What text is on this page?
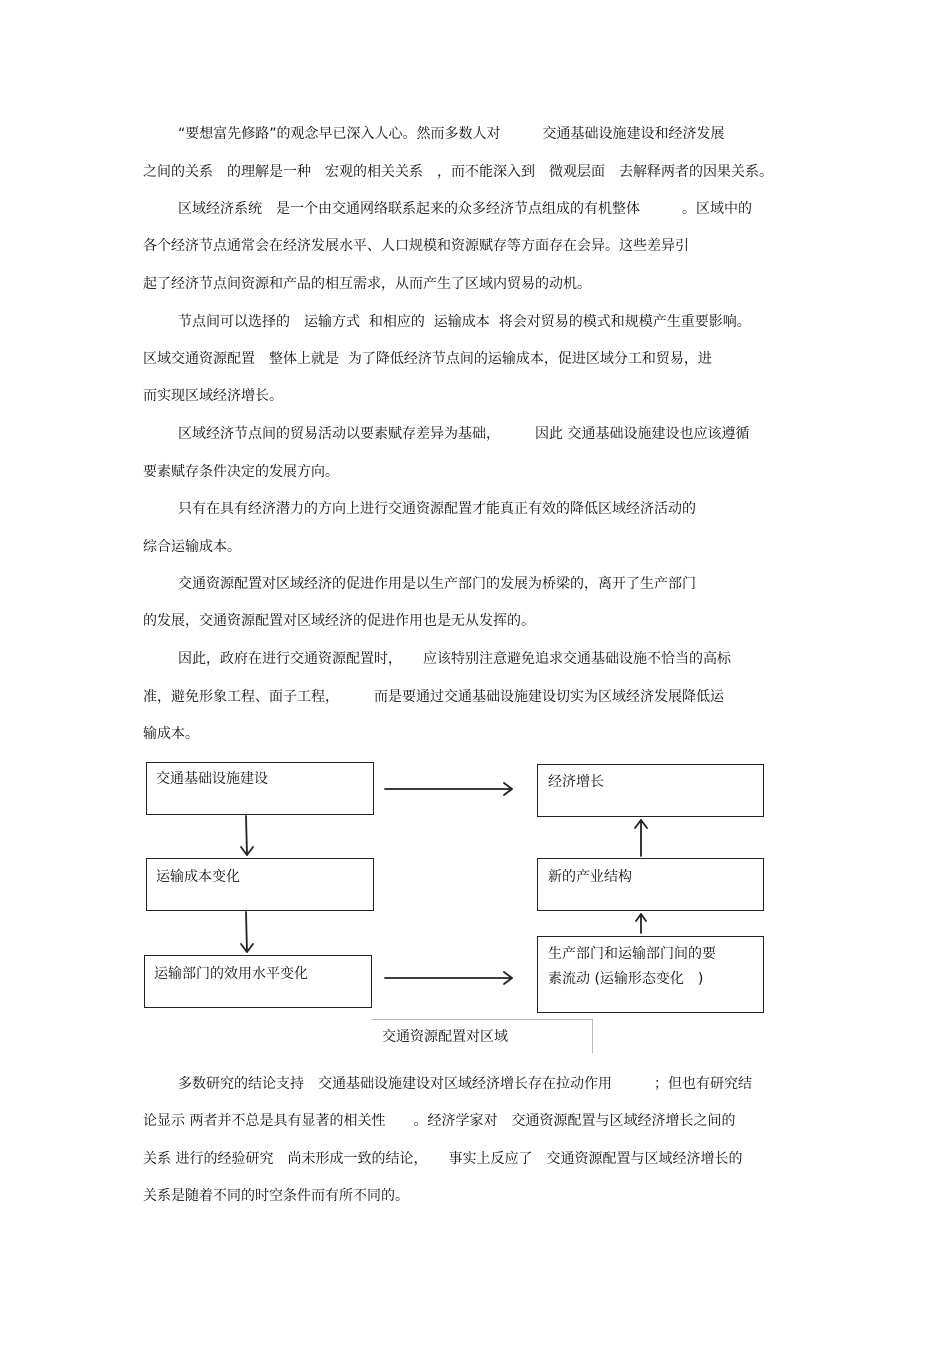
“要想富先修路”的观念早已深入人心。然而多数人对　　　交通基础设施建设和经济发展
之间的关系　的理解是一种　宏观的相关关系　，而不能深入到　微观层面　去解释两者的因果关系。
区域经济系统　是一个由交通网络联系起来的众多经济节点组成的有机整体　　　。区域中的
各个经济节点通常会在经济发展水平、人口规模和资源赋存等方面存在会异。这些差异引
起了经济节点间资源和产品的相互需求，从而产生了区域内贸易的动机。
节点间可以选择的　运输方式  和相应的  运输成本  将会对贸易的模式和规模产生重要影响。
区域交通资源配置　整体上就是  为了降低经济节点间的运输成本，促进区域分工和贸易，进
而实现区域经济增长。
区域经济节点间的贸易活动以要素赋存差异为基础，　　　因此 交通基础设施建设也应该遵循
要素赋存条件决定的发展方向。
只有在具有经济潜力的方向上进行交通资源配置才能真正有效的降低区域经济活动的
综合运输成本。
交通资源配置对区域经济的促进作用是以生产部门的发展为桥梁的，离开了生产部门
的发展，交通资源配置对区域经济的促进作用也是无从发挥的。
因此，政府在进行交通资源配置时，　　应该特别注意避免追求交通基础设施不恰当的高标
准，避免形象工程、面子工程，　　　而是要通过交通基础设施建设切实为区域经济发展降低运
输成本。
交通基础设施建设
运输成本变化
运输部门的效用水平变化
经济增长
新的产业结构
生产部门和运输部门间的要
素流动 (运输形态变化　)
交通资源配置对区域
多数研究的结论支持　交通基础设施建设对区域经济增长存在拉动作用　　　；但也有研究结
论显示 两者并不总是具有显著的相关性　　。经济学家对　交通资源配置与区域经济增长之间的
关系 进行的经验研究　尚未形成一致的结论，　　事实上反应了　交通资源配置与区域经济增长的
关系是随着不同的时空条件而有所不同的。
